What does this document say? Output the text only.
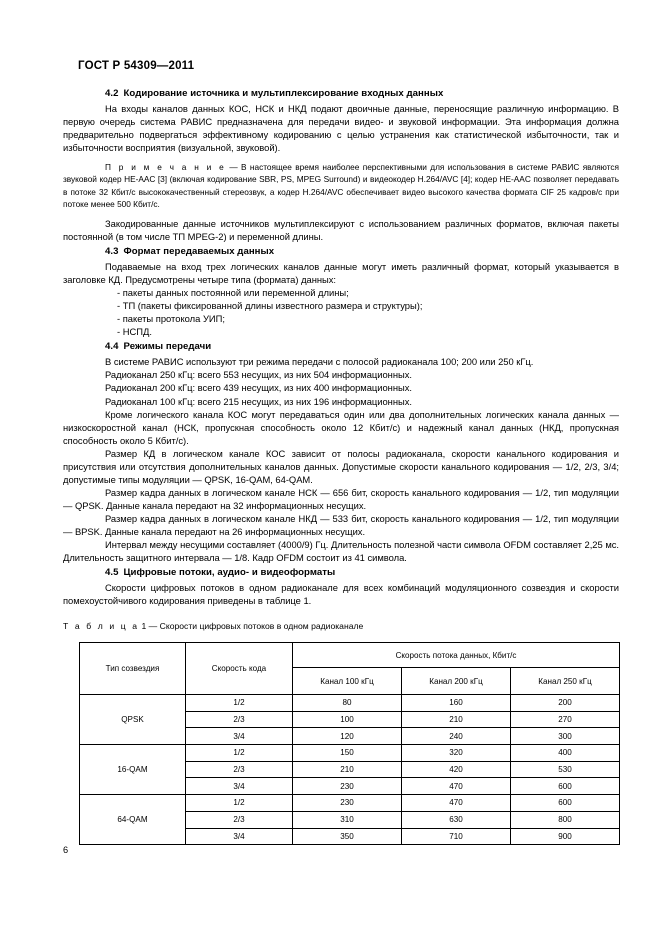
ГОСТ Р 54309—2011
4.2 Кодирование источника и мультиплексирование входных данных

На входы каналов данных КОС, НСК и НКД подают двоичные данные, переносящие различную информацию. В первую очередь система РАВИС предназначена для передачи видео- и звуковой информации. Эта информация должна предварительно подвергаться эффективному кодированию с целью устранения как статистической избыточности, так и избыточности восприятия (визуальной, звуковой).

П р и м е ч а н и е — В настоящее время наиболее перспективными для использования в системе РАВИС являются звуковой кодер HE-AAC [3] (включая кодирование SBR, PS, MPEG Surround) и видеокодер H.264/AVC [4]; кодер HE-AAC позволяет передавать в потоке 32 Кбит/с высококачественный стереозвук, а кодер H.264/AVC обеспечивает видео высокого качества формата CIF 25 кадров/с при потоке менее 500 Кбит/с.

Закодированные данные источников мультиплексируют с использованием различных форматов, включая пакеты постоянной (в том числе ТП MPEG-2) и переменной длины.

4.3 Формат передаваемых данных

Подаваемые на вход трех логических каналов данные могут иметь различный формат, который указывается в заголовке КД. Предусмотрены четыре типа (формата) данных:

- пакеты данных постоянной или переменной длины;
- ТП (пакеты фиксированной длины известного размера и структуры);
- пакеты протокола УИП;
- НСПД.
4.4 Режимы передачи

В системе РАВИС используют три режима передачи с полосой радиоканала 100; 200 или 250 кГц.

Радиоканал 250 кГц: всего 553 несущих, из них 504 информационных.

Радиоканал 200 кГц: всего 439 несущих, из них 400 информационных.

Радиоканал 100 кГц: всего 215 несущих, из них 196 информационных.

Кроме логического канала КОС могут передаваться один или два дополнительных логических канала данных — низкоскоростной канал (НСК, пропускная способность около 12 Кбит/с) и надежный канал данных (НКД, пропускная способность около 5 Кбит/с).

Размер КД в логическом канале КОС зависит от полосы радиоканала, скорости канального кодирования и присутствия или отсутствия дополнительных каналов данных. Допустимые скорости канального кодирования — 1/2, 2/3, 3/4; допустимые типы модуляции — QPSK, 16-QAM, 64-QAM.

Размер кадра данных в логическом канале НСК — 656 бит, скорость канального кодирования — 1/2, тип модуляции — QPSK. Данные канала передают на 32 информационных несущих.

Размер кадра данных в логическом канале НКД — 533 бит, скорость канального кодирования — 1/2, тип модуляции — BPSK. Данные канала передают на 26 информационных несущих.

Интервал между несущими составляет (4000/9) Гц. Длительность полезной части символа OFDM составляет 2,25 мс. Длительность защитного интервала — 1/8. Кадр OFDM состоит из 41 символа.

4.5 Цифровые потоки, аудио- и видеоформаты

Скорости цифровых потоков в одном радиоканале для всех комбинаций модуляционного созвездия и скорости помехоустойчивого кодирования приведены в таблице 1.

Т а б л и ц а 1 — Скорости цифровых потоков в одном радиоканале
Тип созвездия	Скорость кода	Скорость потока данных, Кбит/с		
		Канал 100 кГц	Канал 200 кГц	Канал 250 кГц
QPSK	1/2	80	160	200
	2/3	100	210	270
	3/4	120	240	300
16-QAM	1/2	150	320	400
	2/3	210	420	530
	3/4	230	470	600
64-QAM	1/2	230	470	600
	2/3	310	630	800
	3/4	350	710	900
6
